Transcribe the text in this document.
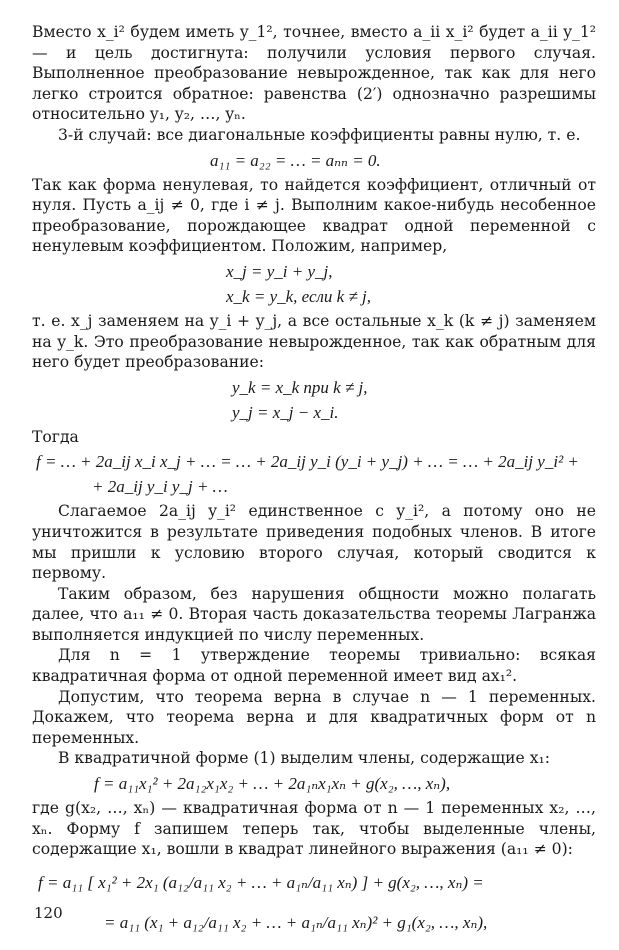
Вместо x_i² будем иметь y_1², точнее, вместо a_ii x_i² будет a_ii y_1² — и цель достигнута: получили условия первого случая. Выполненное преобразование невырожденное, так как для него легко строится обратное: равенства (2′) однозначно разрешимы относительно y₁, y₂, …, yₙ.

3-й случай: все диагональные коэффициенты равны нулю, т. е.

a₁₁ = a₂₂ = … = aₙₙ = 0.

Так как форма ненулевая, то найдется коэффициент, отличный от нуля. Пусть a_ij ≠ 0, где i ≠ j. Выполним какое-нибудь несобенное преобразование, порождающее квадрат одной переменной с ненулевым коэффициентом. Положим, например,

x_j = y_i + y_j,
x_k = y_k, если k ≠ j,

т. е. x_j заменяем на y_i + y_j, а все остальные x_k (k ≠ j) заменяем на y_k. Это преобразование невырожденное, так как обратным для него будет преобразование:

y_k = x_k при k ≠ j,
y_j = x_j − x_i.

Тогда

f = … + 2a_ij x_i x_j + … = … + 2a_ij y_i (y_i + y_j) + … = … + 2a_ij y_i² +
+ 2a_ij y_i y_j + …

Слагаемое 2a_ij y_i² единственное с y_i², а потому оно не уничтожится в результате приведения подобных членов. В итоге мы пришли к условию второго случая, который сводится к первому.

Таким образом, без нарушения общности можно полагать далее, что a₁₁ ≠ 0. Вторая часть доказательства теоремы Лагранжа выполняется индукцией по числу переменных.

Для n = 1 утверждение теоремы тривиально: всякая квадратичная форма от одной переменной имеет вид ax₁².

Допустим, что теорема верна в случае n — 1 переменных. Докажем, что теорема верна и для квадратичных форм от n переменных.

В квадратичной форме (1) выделим члены, содержащие x₁:

f = a₁₁x₁² + 2a₁₂x₁x₂ + … + 2a₁ₙx₁xₙ + g(x₂, …, xₙ),

где g(x₂, …, xₙ) — квадратичная форма от n — 1 переменных x₂, …, xₙ. Форму f запишем теперь так, чтобы выделенные члены, содержащие x₁, вошли в квадрат линейного выражения (a₁₁ ≠ 0):

f = a₁₁ [ x₁² + 2x₁ (a₁₂/a₁₁ x₂ + … + a₁ₙ/a₁₁ xₙ) ] + g(x₂, …, xₙ) =
= a₁₁ (x₁ + a₁₂/a₁₁ x₂ + … + a₁ₙ/a₁₁ xₙ)² + g₁(x₂, …, xₙ),
120
